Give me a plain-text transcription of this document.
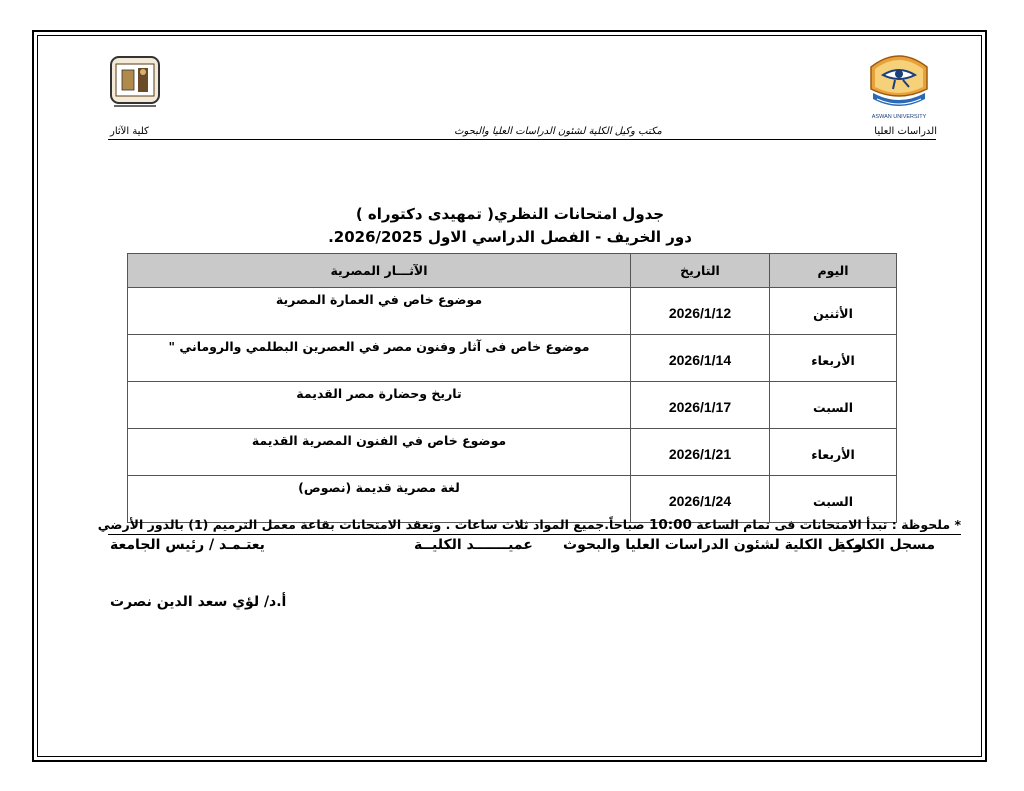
ASWAN UNIVERSITY
الدراسات العليا
مكتب وكيل الكلية لشئون الدراسات العليا والبحوث
كلية الآثار
جدول امتحانات النظري( تمهيدى دكتوراه )
دور الخريف - الفصل الدراسي الاول 2026/2025.
اليوم	التاريخ	الآثـــار المصرية
الأثنين	2026/1/12	موضوع خاص في العمارة المصرية
الأربعاء	2026/1/14	موضوع خاص فى آثار وفنون مصر في العصرين البطلمي والروماني "
السبت	2026/1/17	تاريخ وحضارة مصر القديمة
الأربعاء	2026/1/21	موضوع خاص في الفنون المصرية القديمة
السبت	2026/1/24	لغة مصرية قديمة (نصوص)
* ملحوظة : تبدأ الامتحانات فى تمام الساعة 10:00 صباحاً.جميع المواد ثلاث ساعات . وتعقد الامتحانات بقاعة معمل الترميم (1) بالدور الأرضي
مسجل الكليــة
وكيل الكلية لشئون الدراسات العليا والبحوث
عميـــــــد الكليــة
يعتـمـد / رئيس الجامعة
أ.د/ لؤي سعد الدين نصرت
